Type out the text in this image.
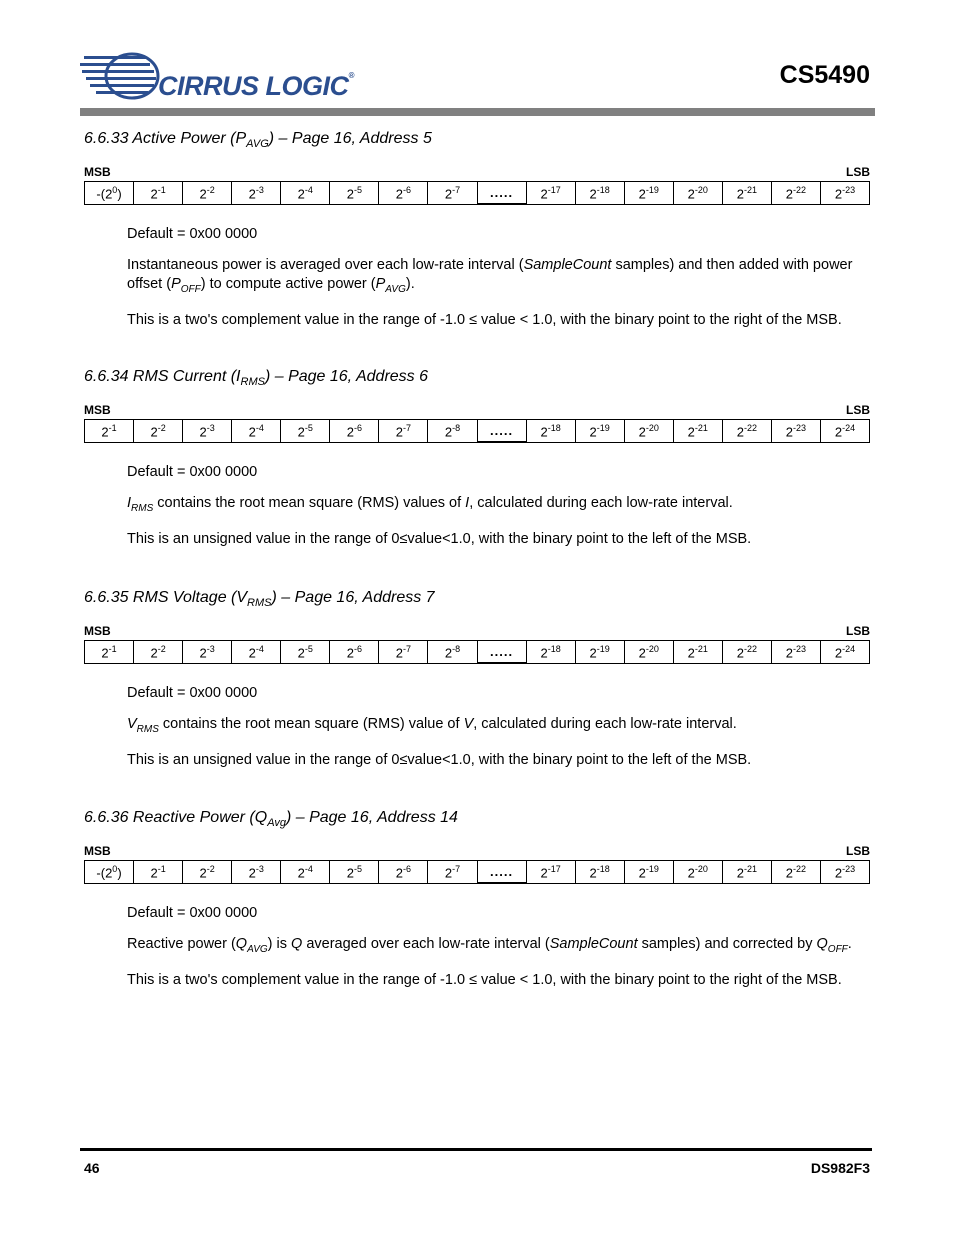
CIRRUS LOGIC®	CS5490

6.6.33 Active Power $(P_{AVG})$ – Page 16, Address 5

MSB	LSB
$-(2^0)$	$2^{-1}$	$2^{-2}$	$2^{-3}$	$2^{-4}$	$2^{-5}$	$2^{-6}$	$2^{-7}$	.....	$2^{-17}$	$2^{-18}$	$2^{-19}$	$2^{-20}$	$2^{-21}$	$2^{-22}$	$2^{-23}$

Default = 0x00 0000

Instantaneous power is averaged over each low-rate interval (SampleCount samples) and then added with power offset $(P_{OFF})$ to compute active power $(P_{AVG})$.

This is a two's complement value in the range of -1.0 ≤ value < 1.0, with the binary point to the right of the MSB.

6.6.34 RMS Current $(I_{RMS})$ – Page 16, Address 6

MSB	LSB
$2^{-1}$	$2^{-2}$	$2^{-3}$	$2^{-4}$	$2^{-5}$	$2^{-6}$	$2^{-7}$	$2^{-8}$	.....	$2^{-18}$	$2^{-19}$	$2^{-20}$	$2^{-21}$	$2^{-22}$	$2^{-23}$	$2^{-24}$

Default = 0x00 0000

$I_{RMS}$ contains the root mean square (RMS) values of I, calculated during each low-rate interval.

This is an unsigned value in the range of 0≤value<1.0, with the binary point to the left of the MSB.

6.6.35 RMS Voltage $(V_{RMS})$ – Page 16, Address 7

MSB	LSB
$2^{-1}$	$2^{-2}$	$2^{-3}$	$2^{-4}$	$2^{-5}$	$2^{-6}$	$2^{-7}$	$2^{-8}$	.....	$2^{-18}$	$2^{-19}$	$2^{-20}$	$2^{-21}$	$2^{-22}$	$2^{-23}$	$2^{-24}$

Default = 0x00 0000

$V_{RMS}$ contains the root mean square (RMS) value of V, calculated during each low-rate interval.

This is an unsigned value in the range of 0≤value<1.0, with the binary point to the left of the MSB.

6.6.36 Reactive Power $(Q_{Avg})$ – Page 16, Address 14

MSB	LSB
$-(2^0)$	$2^{-1}$	$2^{-2}$	$2^{-3}$	$2^{-4}$	$2^{-5}$	$2^{-6}$	$2^{-7}$	.....	$2^{-17}$	$2^{-18}$	$2^{-19}$	$2^{-20}$	$2^{-21}$	$2^{-22}$	$2^{-23}$

Default = 0x00 0000

Reactive power $(Q_{AVG})$ is Q averaged over each low-rate interval (SampleCount samples) and corrected by $Q_{OFF}$.

This is a two's complement value in the range of -1.0 ≤ value < 1.0, with the binary point to the right of the MSB.

46	DS982F3
